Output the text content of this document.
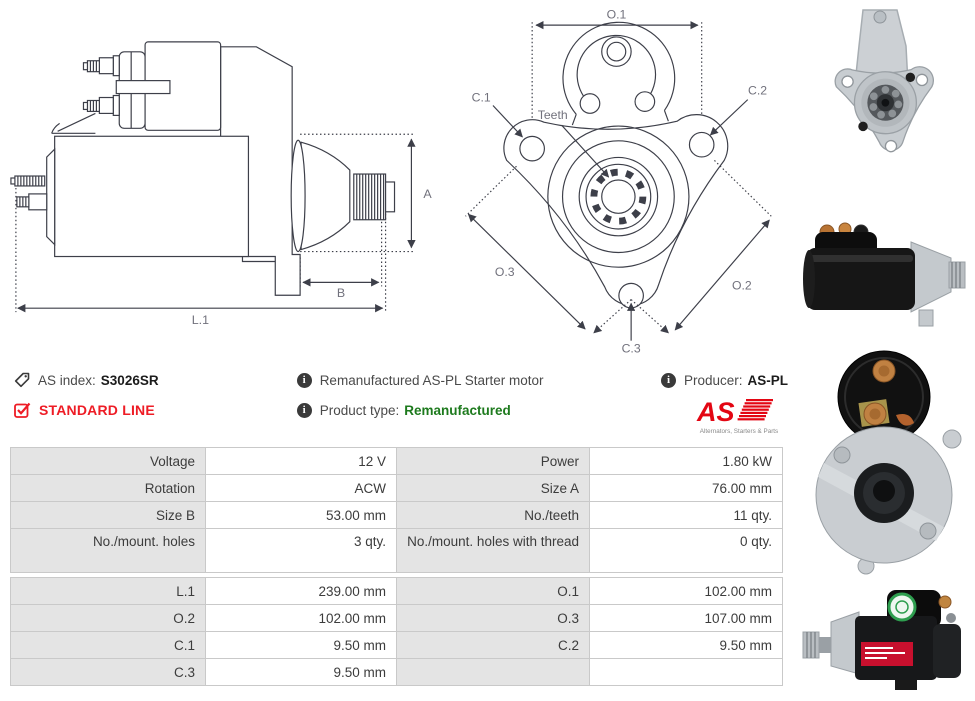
A
B
L.1
O.1
C.1	C.2
Teeth
O.3
O.2
C.3
AS index: S3026SR
STANDARD LINE
i
Remanufactured AS-PL Starter motor
i
Product type: Remanufactured
i
Producer: AS-PL
AS
Alternators, Starters & Parts
Voltage	12 V	Power	1.80 kW
Rotation	ACW	Size A	76.00 mm
Size B	53.00 mm	No./teeth	11 qty.
No./mount. holes	3 qty.	No./mount. holes with thread	0 qty.
L.1	239.00 mm	O.1	102.00 mm
O.2	102.00 mm	O.3	107.00 mm
C.1	9.50 mm	C.2	9.50 mm
C.3	9.50 mm
